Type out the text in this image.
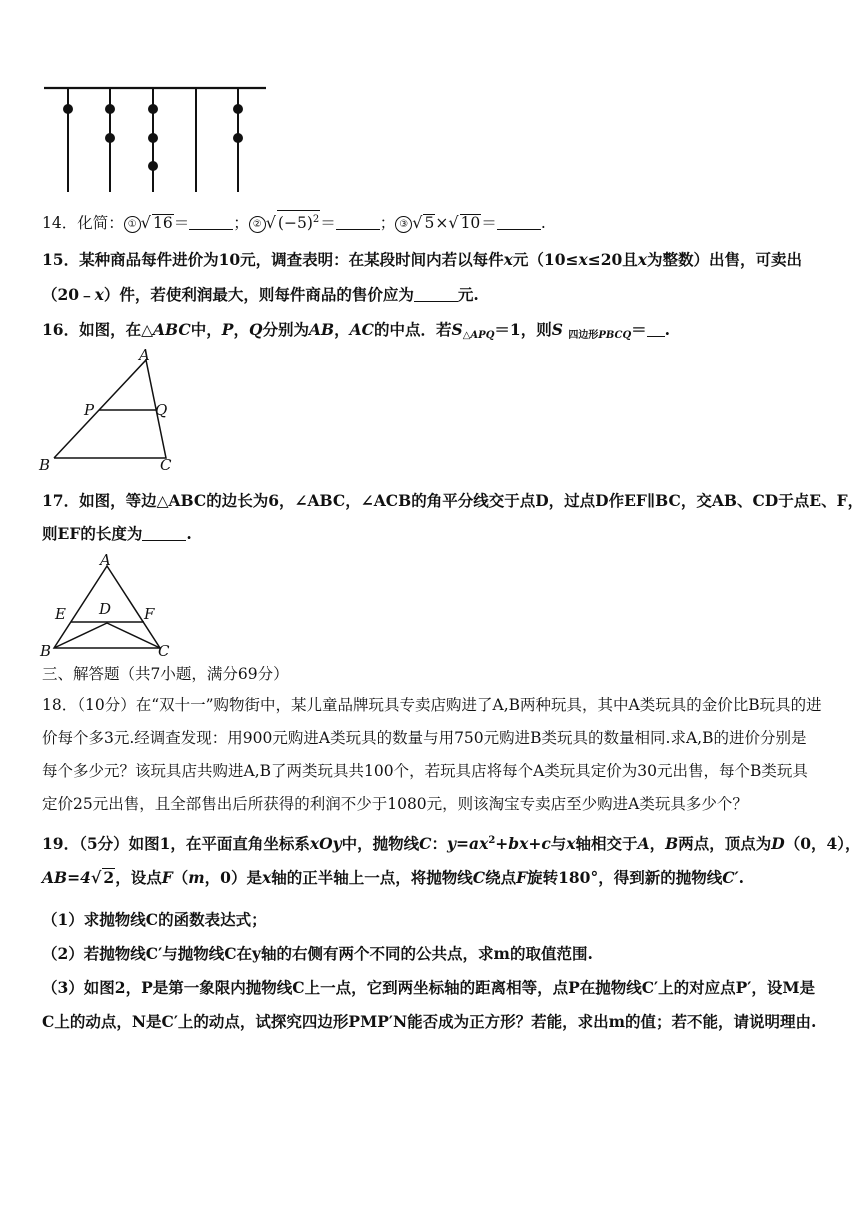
14．化简： ① √ 16＝	； ② √ $(-5)^2=$	； ③ √ 5×√ 10＝	.
15．某种商品每件进价为10元，调查表明：在某段时间内若以每件x元（10≤x≤20且x为整数）出售，可卖出
（20﹣x）件，若使利润最大，则每件商品的售价应为	元.
16．如图，在△ABC中，P，Q分别为AB，AC的中点．若$S_{\triangle APQ}=1$，则S $_{四边形PBCQ}$＝ .
A
P	Q
B	C
17．如图，等边△ABC的边长为6，∠ABC，∠ACB的角平分线交于点D，过点D作EF∥BC，交AB、CD于点E、F，
则EF的长度为	.
A
E D F
B	C
三、解答题（共7小题，满分69分）
18．（10分）在“双十一”购物街中，某儿童品牌玩具专卖店购进了A,B两种玩具，其中A类玩具的金价比B玩具的进
价每个多3元.经调查发现：用900元购进A类玩具的数量与用750元购进B类玩具的数量相同.求A,B的进价分别是
每个多少元？该玩具店共购进A,B了两类玩具共100个，若玩具店将每个A类玩具定价为30元出售，每个B类玩具
定价25元出售，且全部售出后所获得的利润不少于1080元，则该淘宝专卖店至少购进A类玩具多少个？
19．（5分）如图1，在平面直角坐标系xOy中，抛物线C：$y=ax^2+bx+c$与x轴相交于A，B两点，顶点为D（0，4），
AB=4√ 2，设点F（m，0）是x轴的正半轴上一点，将抛物线C绕点F旋转180°，得到新的抛物线C′.
（1）求抛物线C的函数表达式；
（2）若抛物线C′与抛物线C在y轴的右侧有两个不同的公共点，求m的取值范围.
（3）如图2，P是第一象限内抛物线C上一点，它到两坐标轴的距离相等，点P在抛物线C′上的对应点P′，设M是
C上的动点，N是C′上的动点，试探究四边形PMP′N能否成为正方形？若能，求出m的值；若不能，请说明理由.
